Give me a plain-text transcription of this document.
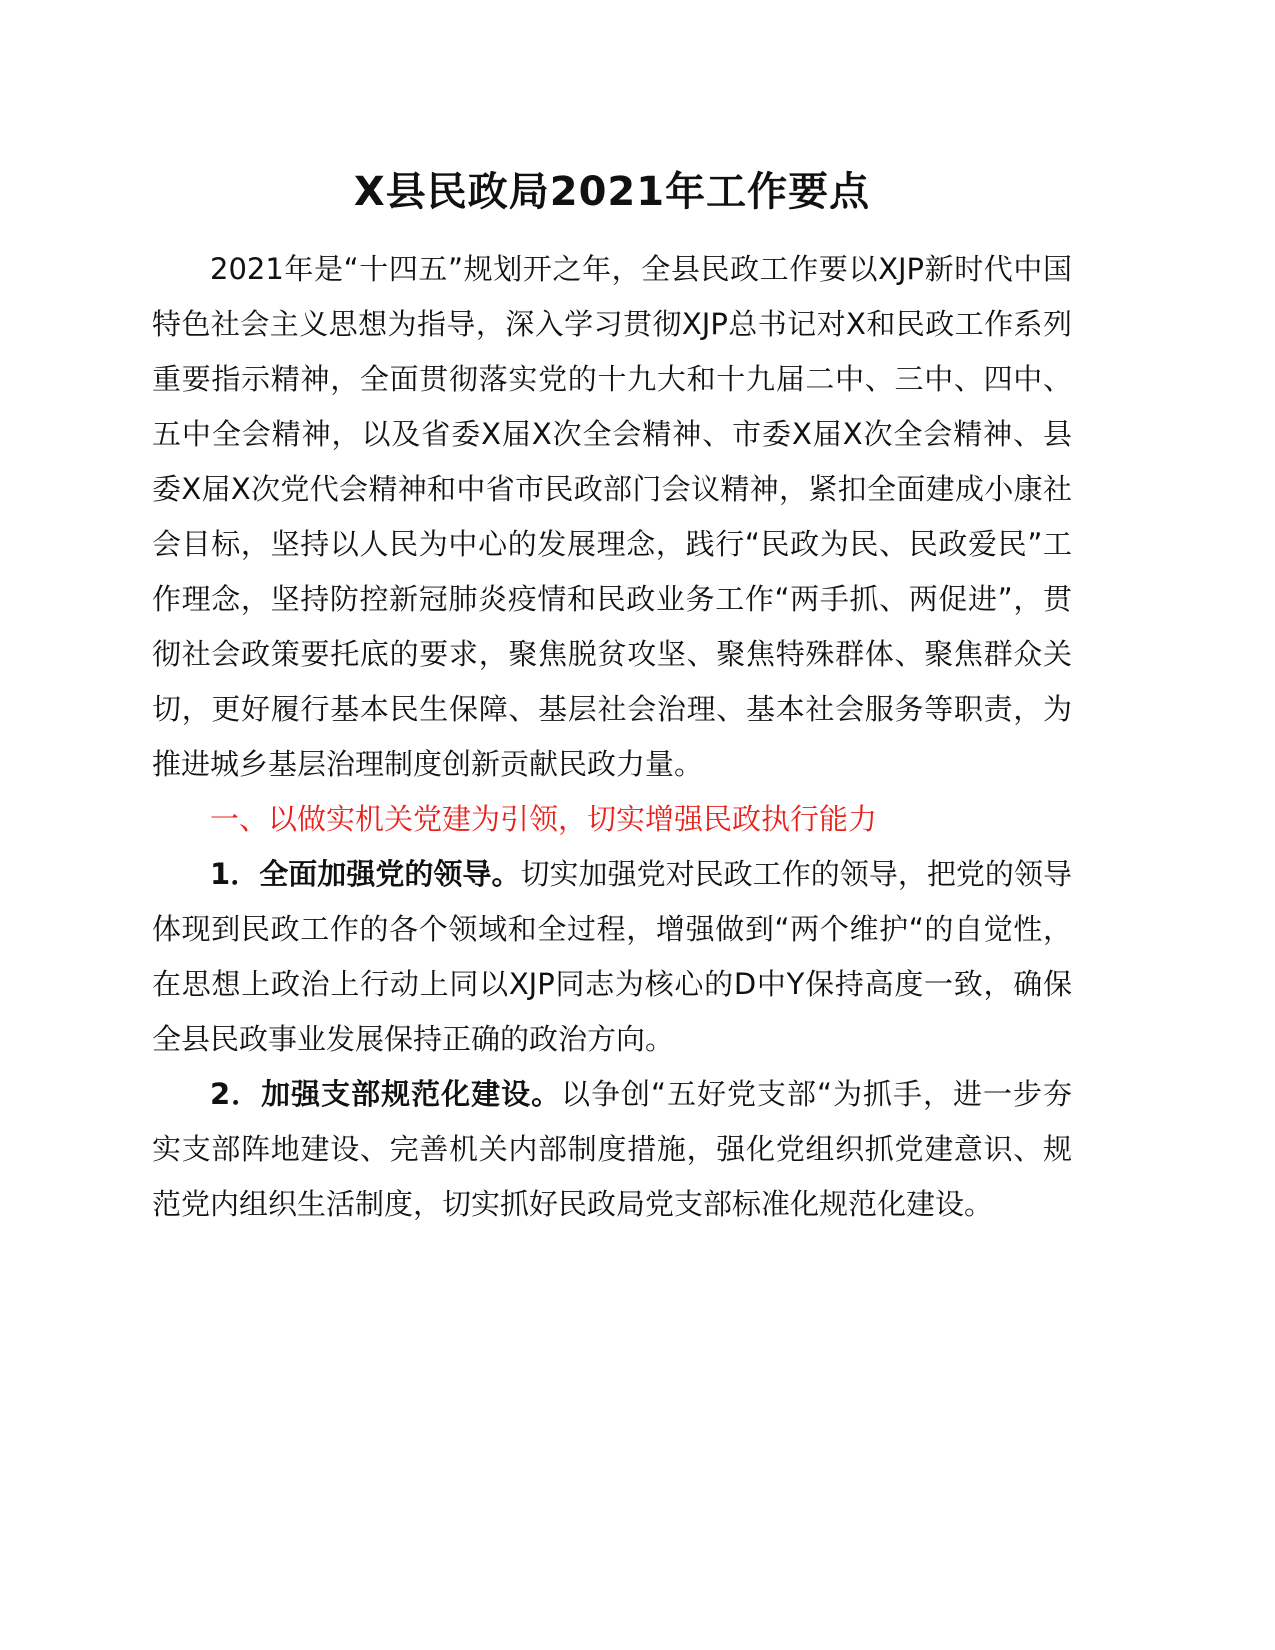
X县民政局2021年工作要点

2021年是“十四五”规划开之年，全县民政工作要以XJP新时代中国特色社会主义思想为指导，深入学习贯彻XJP总书记对X和民政工作系列重要指示精神，全面贯彻落实党的十九大和十九届二中、三中、四中、五中全会精神，以及省委X届X次全会精神、市委X届X次全会精神、县委X届X次党代会精神和中省市民政部门会议精神，紧扣全面建成小康社会目标，坚持以人民为中心的发展理念，践行“民政为民、民政爱民”工作理念，坚持防控新冠肺炎疫情和民政业务工作“两手抓、两促进”，贯彻社会政策要托底的要求，聚焦脱贫攻坚、聚焦特殊群体、聚焦群众关切，更好履行基本民生保障、基层社会治理、基本社会服务等职责，为推进城乡基层治理制度创新贡献民政力量。

一、以做实机关党建为引领，切实增强民政执行能力

1．全面加强党的领导。切实加强党对民政工作的领导，把党的领导体现到民政工作的各个领域和全过程，增强做到“两个维护“的自觉性，在思想上政治上行动上同以XJP同志为核心的D中Y保持高度一致，确保全县民政事业发展保持正确的政治方向。

2．加强支部规范化建设。以争创“五好党支部“为抓手，进一步夯实支部阵地建设、完善机关内部制度措施，强化党组织抓党建意识、规范党内组织生活制度，切实抓好民政局党支部标准化规范化建设。
